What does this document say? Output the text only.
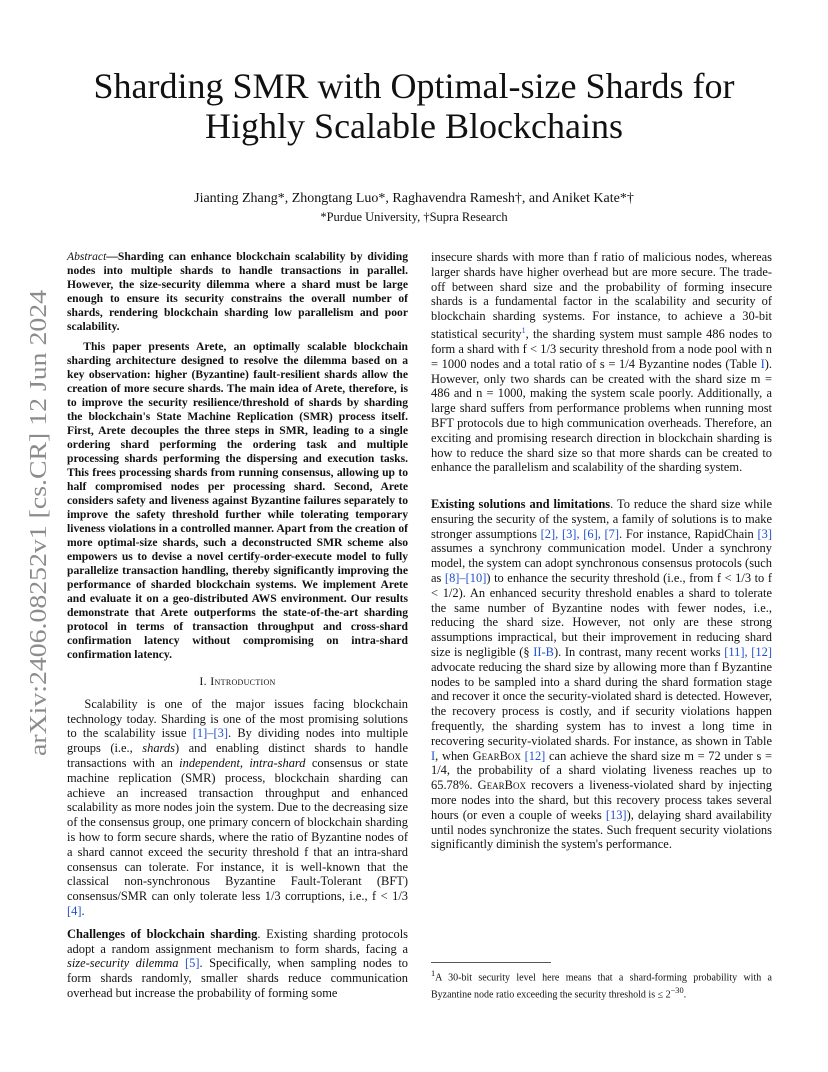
arXiv:2406.08252v1 [cs.CR] 12 Jun 2024
Sharding SMR with Optimal-size Shards for Highly Scalable Blockchains
Jianting Zhang*, Zhongtang Luo*, Raghavendra Ramesh†, and Aniket Kate*†
*Purdue University, †Supra Research

Abstract—Sharding can enhance blockchain scalability by dividing nodes into multiple shards to handle transactions in parallel. However, the size-security dilemma where a shard must be large enough to ensure its security constrains the overall number of shards, rendering blockchain sharding low parallelism and poor scalability.

This paper presents Arete, an optimally scalable blockchain sharding architecture designed to resolve the dilemma based on a key observation: higher (Byzantine) fault-resilient shards allow the creation of more secure shards. The main idea of Arete, therefore, is to improve the security resilience/threshold of shards by sharding the blockchain's State Machine Replication (SMR) process itself. First, Arete decouples the three steps in SMR, leading to a single ordering shard performing the ordering task and multiple processing shards performing the dispersing and execution tasks. This frees processing shards from running consensus, allowing up to half compromised nodes per processing shard. Second, Arete considers safety and liveness against Byzantine failures separately to improve the safety threshold further while tolerating temporary liveness violations in a controlled manner. Apart from the creation of more optimal-size shards, such a deconstructed SMR scheme also empowers us to devise a novel certify-order-execute model to fully parallelize transaction handling, thereby significantly improving the performance of sharded blockchain systems. We implement Arete and evaluate it on a geo-distributed AWS environment. Our results demonstrate that Arete outperforms the state-of-the-art sharding protocol in terms of transaction throughput and cross-shard confirmation latency without compromising on intra-shard confirmation latency.

I. Introduction

Scalability is one of the major issues facing blockchain technology today. Sharding is one of the most promising solutions to the scalability issue [1]–[3]. By dividing nodes into multiple groups (i.e., shards) and enabling distinct shards to handle transactions with an independent, intra-shard consensus or state machine replication (SMR) process, blockchain sharding can achieve an increased transaction throughput and enhanced scalability as more nodes join the system. Due to the decreasing size of the consensus group, one primary concern of blockchain sharding is how to form secure shards, where the ratio of Byzantine nodes of a shard cannot exceed the security threshold f that an intra-shard consensus can tolerate. For instance, it is well-known that the classical non-synchronous Byzantine Fault-Tolerant (BFT) consensus/SMR can only tolerate less 1/3 corruptions, i.e., f < 1/3 [4].

Challenges of blockchain sharding. Existing sharding protocols adopt a random assignment mechanism to form shards, facing a size-security dilemma [5]. Specifically, when sampling nodes to form shards randomly, smaller shards reduce communication overhead but increase the probability of forming some

insecure shards with more than f ratio of malicious nodes, whereas larger shards have higher overhead but are more secure. The trade-off between shard size and the probability of forming insecure shards is a fundamental factor in the scalability and security of blockchain sharding systems. For instance, to achieve a 30-bit statistical security$^1$, the sharding system must sample 486 nodes to form a shard with f < 1/3 security threshold from a node pool with n = 1000 nodes and a total ratio of s = 1/4 Byzantine nodes (Table I). However, only two shards can be created with the shard size m = 486 and n = 1000, making the system scale poorly. Additionally, a large shard suffers from performance problems when running most BFT protocols due to high communication overheads. Therefore, an exciting and promising research direction in blockchain sharding is how to reduce the shard size so that more shards can be created to enhance the parallelism and scalability of the sharding system.

Existing solutions and limitations. To reduce the shard size while ensuring the security of the system, a family of solutions is to make stronger assumptions [2], [3], [6], [7]. For instance, RapidChain [3] assumes a synchrony communication model. Under a synchrony model, the system can adopt synchronous consensus protocols (such as [8]–[10]) to enhance the security threshold (i.e., from f < 1/3 to f < 1/2). An enhanced security threshold enables a shard to tolerate the same number of Byzantine nodes with fewer nodes, i.e., reducing the shard size. However, not only are these strong assumptions impractical, but their improvement in reducing shard size is negligible (§ II-B). In contrast, many recent works [11], [12] advocate reducing the shard size by allowing more than f Byzantine nodes to be sampled into a shard during the shard formation stage and recover it once the security-violated shard is detected. However, the recovery process is costly, and if security violations happen frequently, the sharding system has to invest a long time in recovering security-violated shards. For instance, as shown in Table I, when GearBox [12] can achieve the shard size m = 72 under s = 1/4, the probability of a shard violating liveness reaches up to 65.78%. GearBox recovers a liveness-violated shard by injecting more nodes into the shard, but this recovery process takes several hours (or even a couple of weeks [13]), delaying shard availability until nodes synchronize the states. Such frequent security violations significantly diminish the system's performance.

$^1$A 30-bit security level here means that a shard-forming probability with a Byzantine node ratio exceeding the security threshold is ≤ $2^{-30}$.
